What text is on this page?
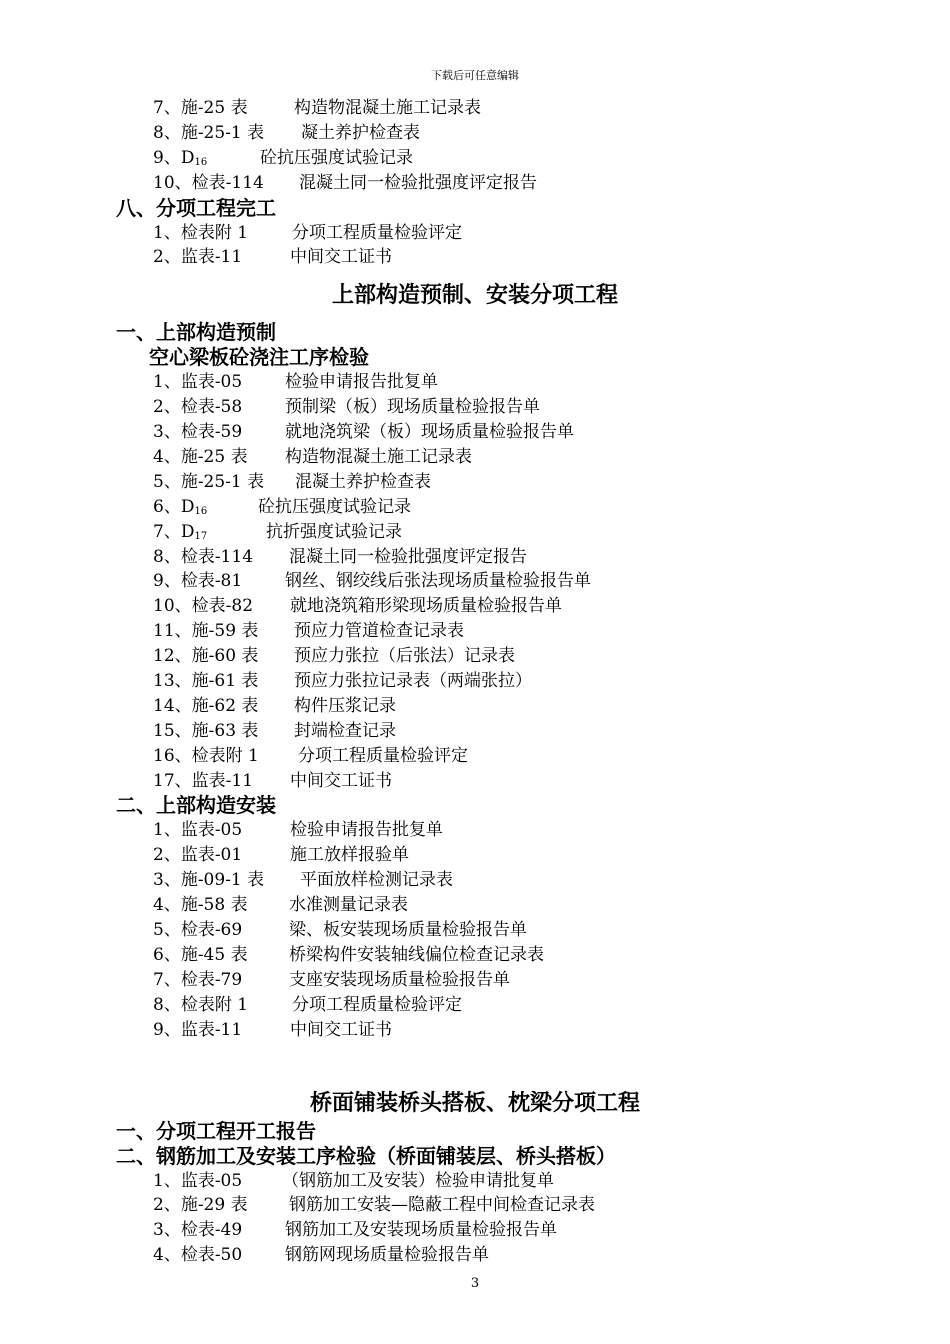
下载后可任意编辑
7、施-25 表	构造物混凝土施工记录表
8、施-25-1 表 凝土养护检查表
9、$D_{16}$	砼抗压强度试验记录
10、检表-114 混凝土同一检验批强度评定报告
八、分项工程完工
1、检表附 1	分项工程质量检验评定
2、监表-11	中间交工证书
上部构造预制、安装分项工程
一、上部构造预制
空心梁板砼浇注工序检验
1、监表-05	检验申请报告批复单
2、检表-58	预制梁（板）现场质量检验报告单
3、检表-59	就地浇筑梁（板）现场质量检验报告单
4、施-25 表 构造物混凝土施工记录表
5、施-25-1 表 混凝土养护检查表
6、$D_{16}$	砼抗压强度试验记录
7、$D_{17}$	抗折强度试验记录
8、检表-114 混凝土同一检验批强度评定报告
9、检表-81	钢丝、钢绞线后张法现场质量检验报告单
10、检表-82 就地浇筑箱形梁现场质量检验报告单
11、施-59 表 预应力管道检查记录表
12、施-60 表 预应力张拉（后张法）记录表
13、施-61 表 预应力张拉记录表（两端张拉）
14、施-62 表 构件压浆记录
15、施-63 表 封端检查记录
16、检表附 1 分项工程质量检验评定
17、监表-11 中间交工证书
二、上部构造安装
1、监表-05	检验申请报告批复单
2、监表-01	施工放样报验单
3、施-09-1 表 平面放样检测记录表
4、施-58 表 水准测量记录表
5、检表-69	梁、板安装现场质量检验报告单
6、施-45 表 桥梁构件安装轴线偏位检查记录表
7、检表-79	支座安装现场质量检验报告单
8、检表附 1	分项工程质量检验评定
9、监表-11	中间交工证书
桥面铺装桥头搭板、枕梁分项工程
一、分项工程开工报告
二、钢筋加工及安装工序检验（桥面铺装层、桥头搭板）
1、监表-05 （钢筋加工及安装）检验申请批复单
2、施-29 表 钢筋加工安装—隐蔽工程中间检查记录表
3、检表-49	钢筋加工及安装现场质量检验报告单
4、检表-50	钢筋网现场质量检验报告单
3
